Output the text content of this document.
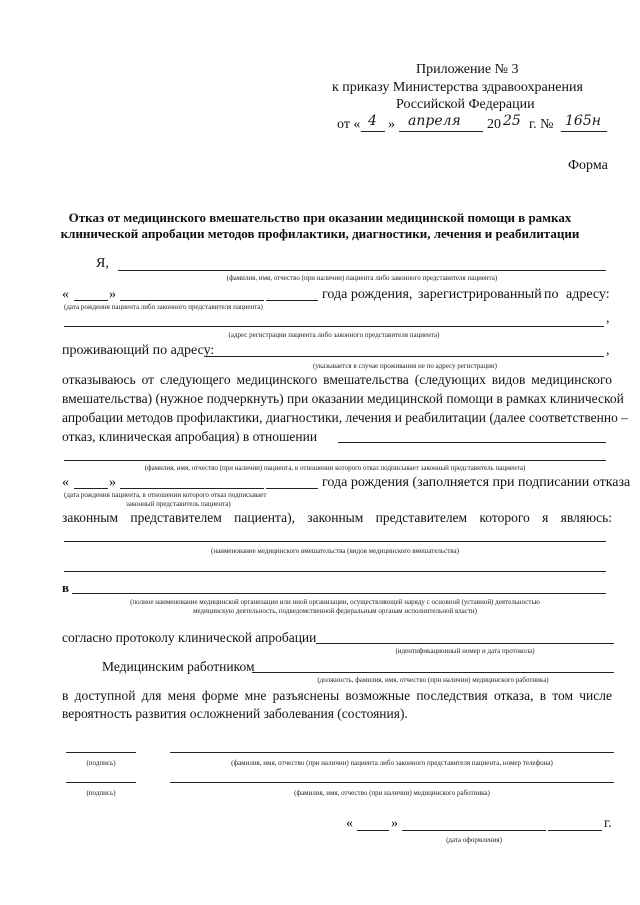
Приложение № 3
к приказу Министерства здравоохранения
Российской Федерации
от « 4 » апреля 20 25 г. № 165н
Форма
Отказ от медицинского вмешательство при оказании медицинской помощи в рамках
клинической апробации методов профилактики, диагностики, лечения и реабилитации
Я,
(фамилия, имя, отчество (при наличии) пациента либо законного представителя пациента)
«	»	года рождения, зарегистрированный по адресу:
(дата рождения пациента либо законного представителя пациента)
,
(адрес регистрации пациента либо законного представителя пациента)
проживающий по адресу:	,
(указывается в случае проживания не по адресу регистрации)
отказываюсь от следующего медицинского вмешательства (следующих видов медицинского
вмешательства) (нужное подчеркнуть) при оказании медицинской помощи в рамках клинической
апробации методов профилактики, диагностики, лечения и реабилитации (далее соответственно –
отказ, клиническая апробация) в отношении
(фамилия, имя, отчество (при наличии) пациента, в отношении которого отказ подписывает законный представитель пациента)
«	»	года рождения (заполняется при подписании отказа
(дата рождения пациента, в отношении которого отказ подписывает
законный представитель пациента)
законным представителем пациента), законным представителем которого я являюсь:
(наименование медицинского вмешательства (видов медицинского вмешательства)
в
(полное наименование медицинской организации или иной организации, осуществляющей наряду с основной (уставной) деятельностью
медицинскую деятельность, подведомственной федеральным органам исполнительной власти)
согласно протоколу клинической апробации
(идентификационный номер и дата протокола)
Медицинским работником
(должность, фамилия, имя, отчество (при наличии) медицинского работника)
в доступной для меня форме мне разъяснены возможные последствия отказа, в том числе
вероятность развития осложнений заболевания (состояния).
(подпись)	(фамилия, имя, отчество (при наличии) пациента либо законного представителя пациента, номер телефона)
(подпись)	(фамилия, имя, отчество (при наличии) медицинского работника)
«	»	г.
(дата оформления)
